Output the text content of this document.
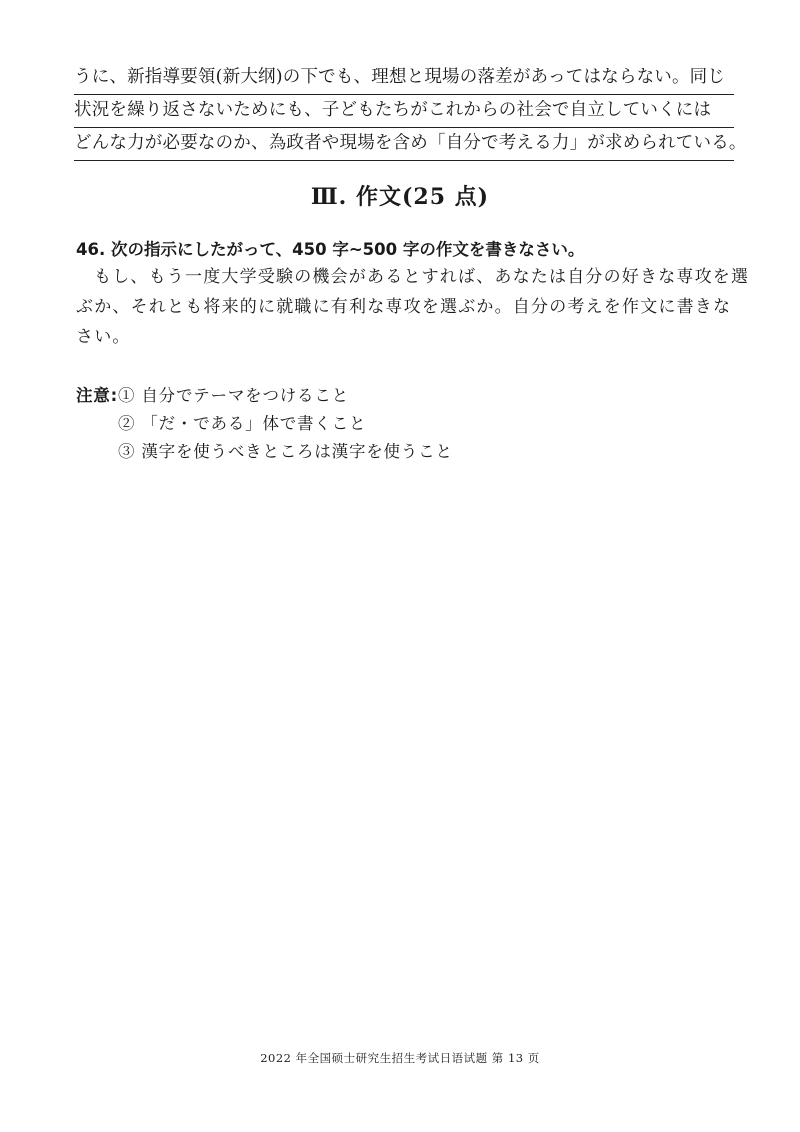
うに、新指導要領(新大纲)の下でも、理想と現場の落差があってはならない。同じ
状況を繰り返さないためにも、子どもたちがこれからの社会で自立していくには
どんな力が必要なのか、為政者や現場を含め「自分で考える力」が求められている。
Ⅲ. 作文(25 点)
46. 次の指示にしたがって、450 字~500 字の作文を書きなさい。
もし、もう一度大学受験の機会があるとすれば、あなたは自分の好きな専攻を選
ぶか、それとも将来的に就職に有利な専攻を選ぶか。自分の考えを作文に書きな
さい。
注意:① 自分でテーマをつけること
② 「だ・である」体で書くこと
③ 漢字を使うべきところは漢字を使うこと
2022 年全国硕士研究生招生考试日语试题 第 13 页
